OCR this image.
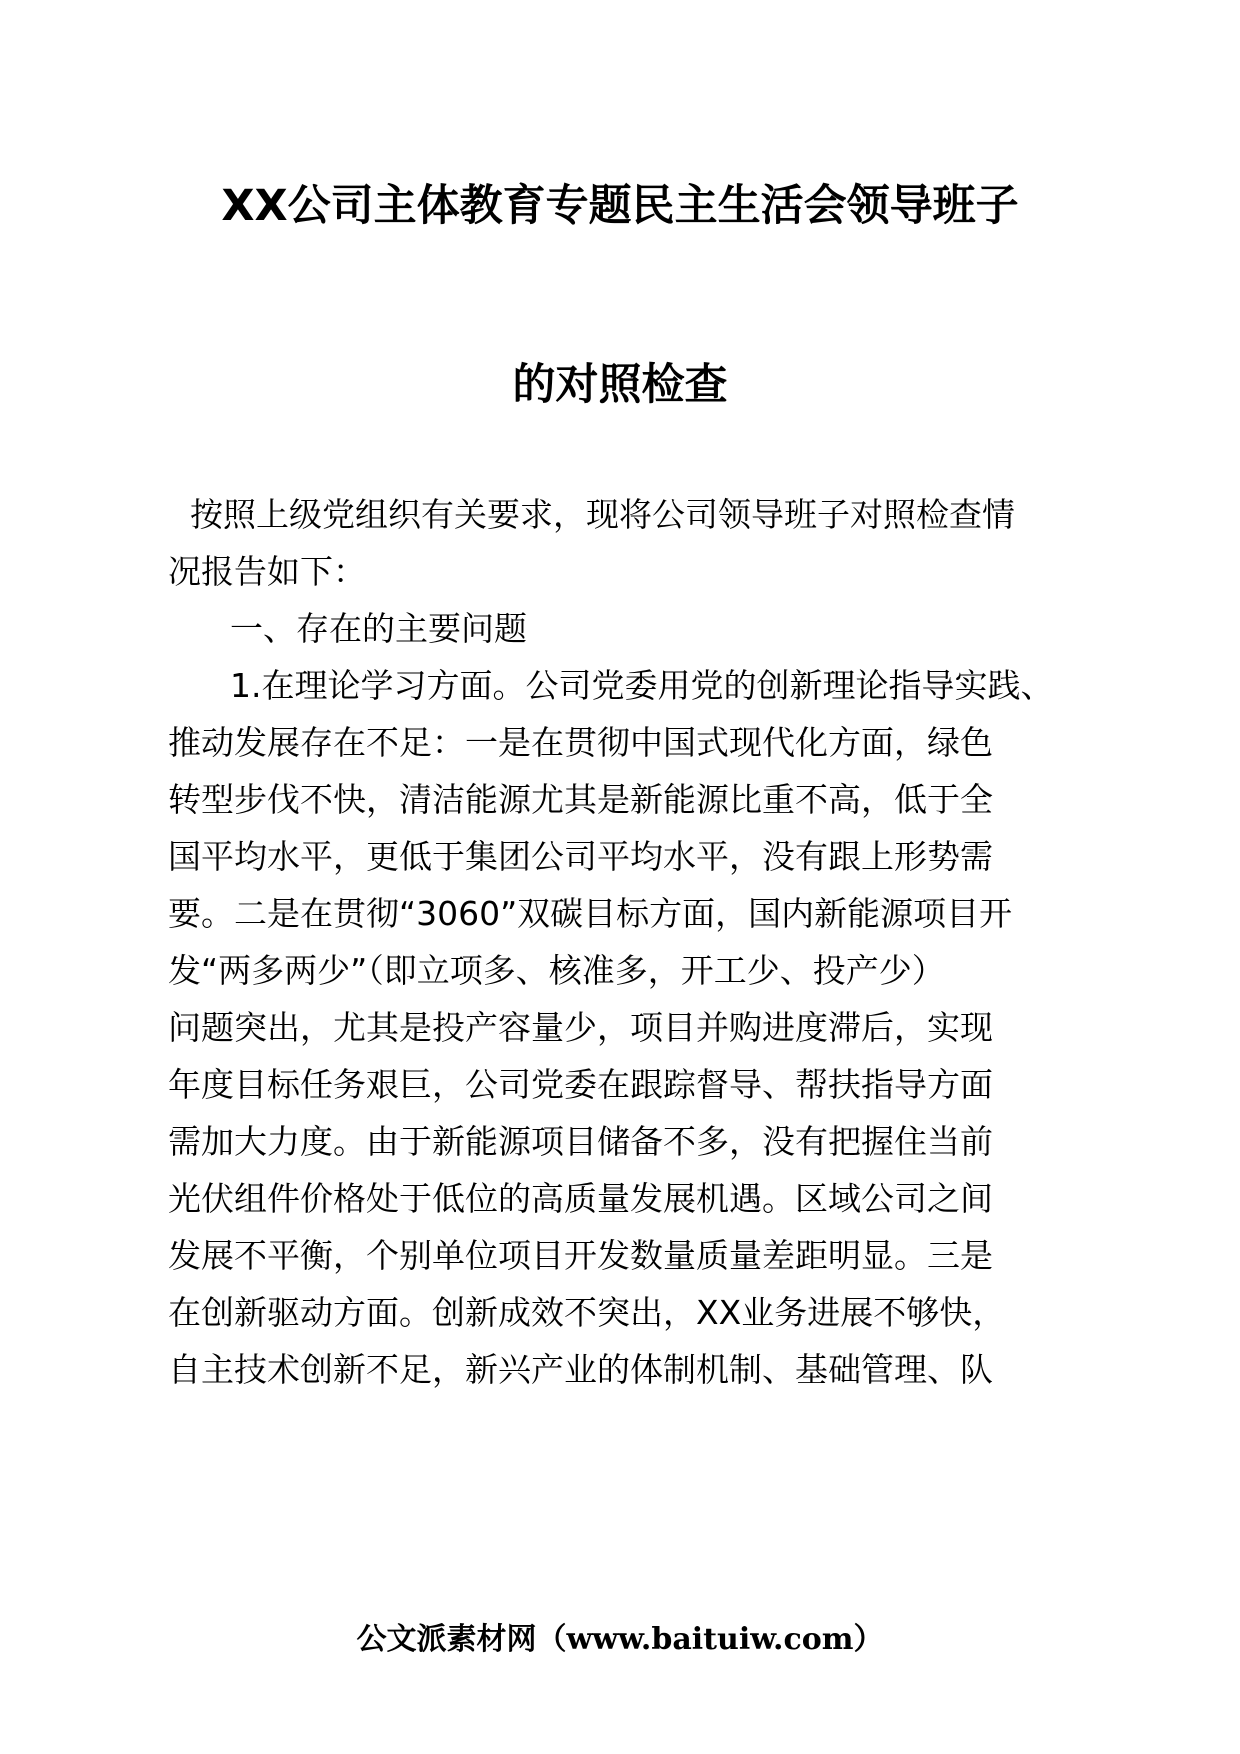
XX公司主体教育专题民主生活会领导班子
的对照检查
按照上级党组织有关要求，现将公司领导班子对照检查情
况报告如下：
一、存在的主要问题
1.在理论学习方面。公司党委用党的创新理论指导实践、
推动发展存在不足：一是在贯彻中国式现代化方面，绿色
转型步伐不快，清洁能源尤其是新能源比重不高，低于全
国平均水平，更低于集团公司平均水平，没有跟上形势需
要。二是在贯彻“3060”双碳目标方面，国内新能源项目开
发“两多两少”（即立项多、核准多，开工少、投产少）
问题突出，尤其是投产容量少，项目并购进度滞后，实现
年度目标任务艰巨，公司党委在跟踪督导、帮扶指导方面
需加大力度。由于新能源项目储备不多，没有把握住当前
光伏组件价格处于低位的高质量发展机遇。区域公司之间
发展不平衡，个别单位项目开发数量质量差距明显。三是
在创新驱动方面。创新成效不突出，XX业务进展不够快，
自主技术创新不足，新兴产业的体制机制、基础管理、队
公文派素材网（www.baituiw.com）
